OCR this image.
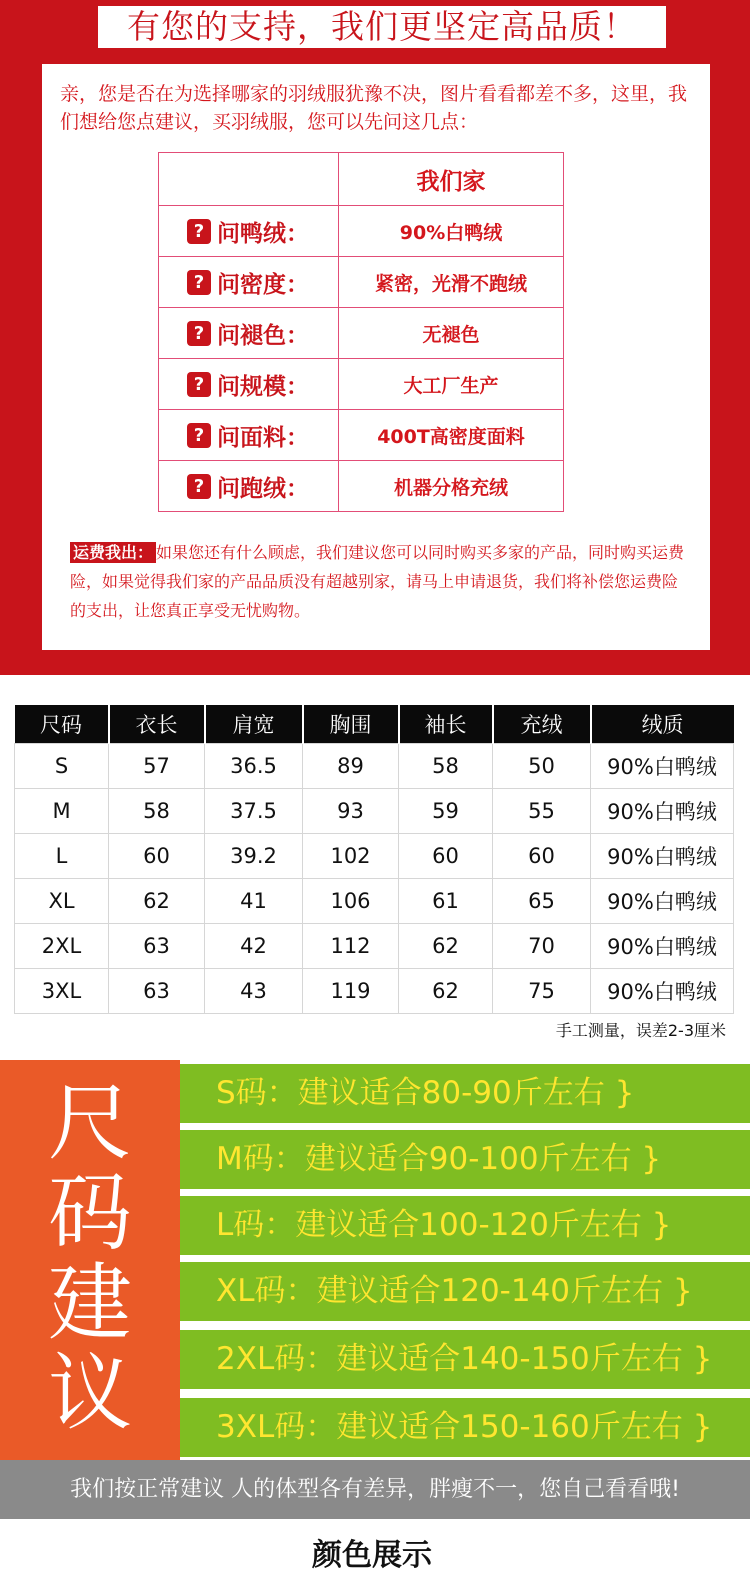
有您的支持，我们更坚定高品质！

亲，您是否在为选择哪家的羽绒服犹豫不决，图片看看都差不多，这里，我们想给您点建议，买羽绒服，您可以先问这几点：

	我们家
? 问鸭绒：	90%白鸭绒
? 问密度：	紧密，光滑不跑绒
? 问褪色：	无褪色
? 问规模：	大工厂生产
? 问面料：	400T高密度面料
? 问跑绒：	机器分格充绒

运费我出： 如果您还有什么顾虑，我们建议您可以同时购买多家的产品，同时购买运费险，如果觉得我们家的产品品质没有超越别家，请马上申请退货，我们将补偿您运费险的支出，让您真正享受无忧购物。

尺码	衣长	肩宽	胸围	袖长	充绒	绒质
S	57	36.5	89	58	50	90%白鸭绒
M	58	37.5	93	59	55	90%白鸭绒
L	60	39.2	102	60	60	90%白鸭绒
XL	62	41	106	61	65	90%白鸭绒
2XL	63	42	112	62	70	90%白鸭绒
3XL	63	43	119	62	75	90%白鸭绒
手工测量，误差2-3厘米
尺
码
建
议
S码：建议适合80-90斤左右 }
M码：建议适合90-100斤左右 }
L码：建议适合100-120斤左右 }
XL码：建议适合120-140斤左右 }
2XL码：建议适合140-150斤左右 }
3XL码：建议适合150-160斤左右 }
我们按正常建议 人的体型各有差异，胖瘦不一，您自己看看哦!
颜色展示
